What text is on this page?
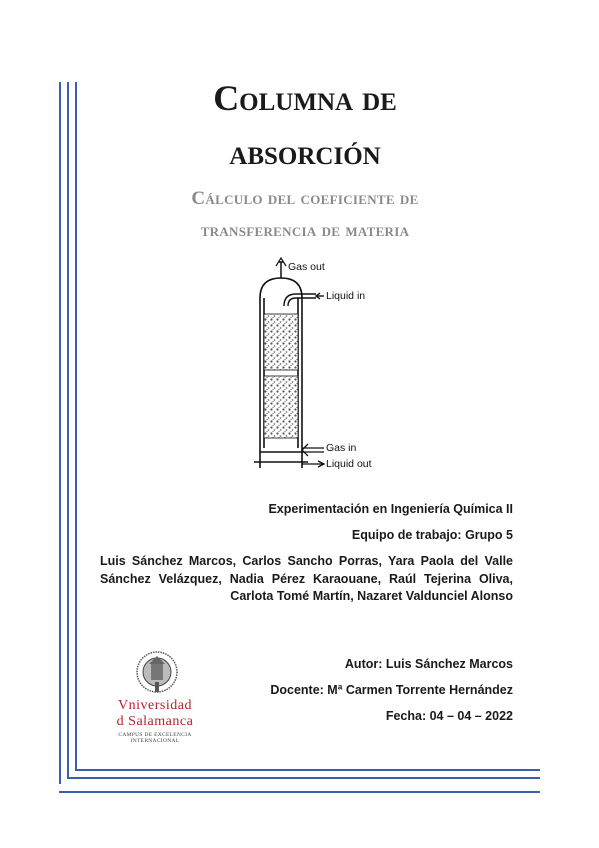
Columna de
absorción
Cálculo del coeficiente de
transferencia de materia
Gas out
Liquid in
Gas in
Liquid out
Experimentación en Ingeniería Química II
Equipo de trabajo: Grupo 5
Luis Sánchez Marcos, Carlos Sancho Porras, Yara Paola del Valle Sánchez Velázquez, Nadia Pérez Karaouane, Raúl Tejerina Oliva, Carlota Tomé Martín, Nazaret Valdunciel Alonso
Autor: Luis Sánchez Marcos
Docente: Mª Carmen Torrente Hernández
Fecha: 04 – 04 – 2022
Vniversidad
d Salamanca
CAMPUS DE EXCELENCIA INTERNACIONAL
